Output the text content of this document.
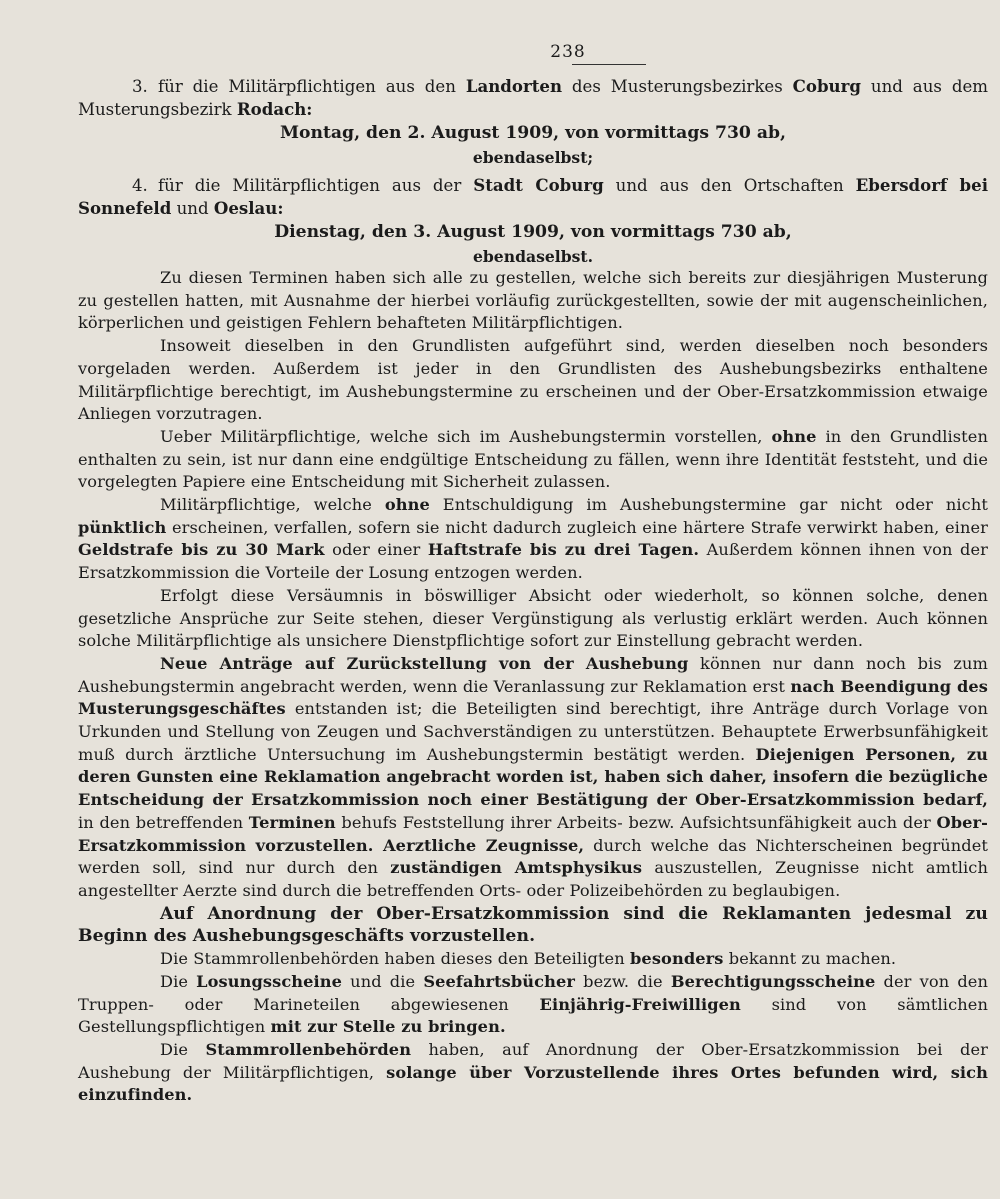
238
3. für die Militärpflichtigen aus den Landorten des Musterungsbezirkes Coburg und aus dem Musterungsbezirk Rodach:
Montag, den 2. August 1909, von vormittags 730 ab,
ebendaselbst;
4. für die Militärpflichtigen aus der Stadt Coburg und aus den Ortschaften Ebersdorf bei Sonnefeld und Oeslau:
Dienstag, den 3. August 1909, von vormittags 730 ab,
ebendaselbst.

Zu diesen Terminen haben sich alle zu gestellen, welche sich bereits zur diesjährigen Musterung zu gestellen hatten, mit Ausnahme der hierbei vorläufig zurückgestellten, sowie der mit augenscheinlichen, körperlichen und geistigen Fehlern behafteten Militärpflichtigen.

Insoweit dieselben in den Grundlisten aufgeführt sind, werden dieselben noch besonders vorgeladen werden. Außerdem ist jeder in den Grundlisten des Aushebungsbezirks enthaltene Militärpflichtige berechtigt, im Aushebungstermine zu erscheinen und der Ober-Ersatzkommission etwaige Anliegen vorzutragen.

Ueber Militärpflichtige, welche sich im Aushebungstermin vorstellen, ohne in den Grundlisten enthalten zu sein, ist nur dann eine endgültige Entscheidung zu fällen, wenn ihre Identität feststeht, und die vorgelegten Papiere eine Entscheidung mit Sicherheit zulassen.

Militärpflichtige, welche ohne Entschuldigung im Aushebungstermine gar nicht oder nicht pünktlich erscheinen, verfallen, sofern sie nicht dadurch zugleich eine härtere Strafe verwirkt haben, einer Geldstrafe bis zu 30 Mark oder einer Haftstrafe bis zu drei Tagen. Außerdem können ihnen von der Ersatzkommission die Vorteile der Losung entzogen werden.

Erfolgt diese Versäumnis in böswilliger Absicht oder wiederholt, so können solche, denen gesetzliche Ansprüche zur Seite stehen, dieser Vergünstigung als verlustig erklärt werden. Auch können solche Militärpflichtige als unsichere Dienstpflichtige sofort zur Einstellung gebracht werden.

Neue Anträge auf Zurückstellung von der Aushebung können nur dann noch bis zum Aushebungstermin angebracht werden, wenn die Veranlassung zur Reklamation erst nach Beendigung des Musterungsgeschäftes entstanden ist; die Beteiligten sind berechtigt, ihre Anträge durch Vorlage von Urkunden und Stellung von Zeugen und Sachverständigen zu unterstützen. Behauptete Erwerbsunfähigkeit muß durch ärztliche Untersuchung im Aushebungstermin bestätigt werden. Diejenigen Personen, zu deren Gunsten eine Reklamation angebracht worden ist, haben sich daher, insofern die bezügliche Entscheidung der Ersatzkommission noch einer Bestätigung der Ober-Ersatzkommission bedarf, in den betreffenden Terminen behufs Feststellung ihrer Arbeits- bezw. Aufsichtsunfähigkeit auch der Ober-Ersatzkommission vorzustellen. Aerztliche Zeugnisse, durch welche das Nichterscheinen begründet werden soll, sind nur durch den zuständigen Amtsphysikus auszustellen, Zeugnisse nicht amtlich angestellter Aerzte sind durch die betreffenden Orts- oder Polizeibehörden zu beglaubigen.

Auf Anordnung der Ober-Ersatzkommission sind die Reklamanten jedesmal zu Beginn des Aushebungsgeschäfts vorzustellen.

Die Stammrollenbehörden haben dieses den Beteiligten besonders bekannt zu machen.

Die Losungsscheine und die Seefahrtsbücher bezw. die Berechtigungsscheine der von den Truppen- oder Marineteilen abgewiesenen Einjährig-Freiwilligen sind von sämtlichen Gestellungspflichtigen mit zur Stelle zu bringen.

Die Stammrollenbehörden haben, auf Anordnung der Ober-Ersatzkommission bei der Aushebung der Militärpflichtigen, solange über Vorzustellende ihres Ortes befunden wird, sich einzufinden.
